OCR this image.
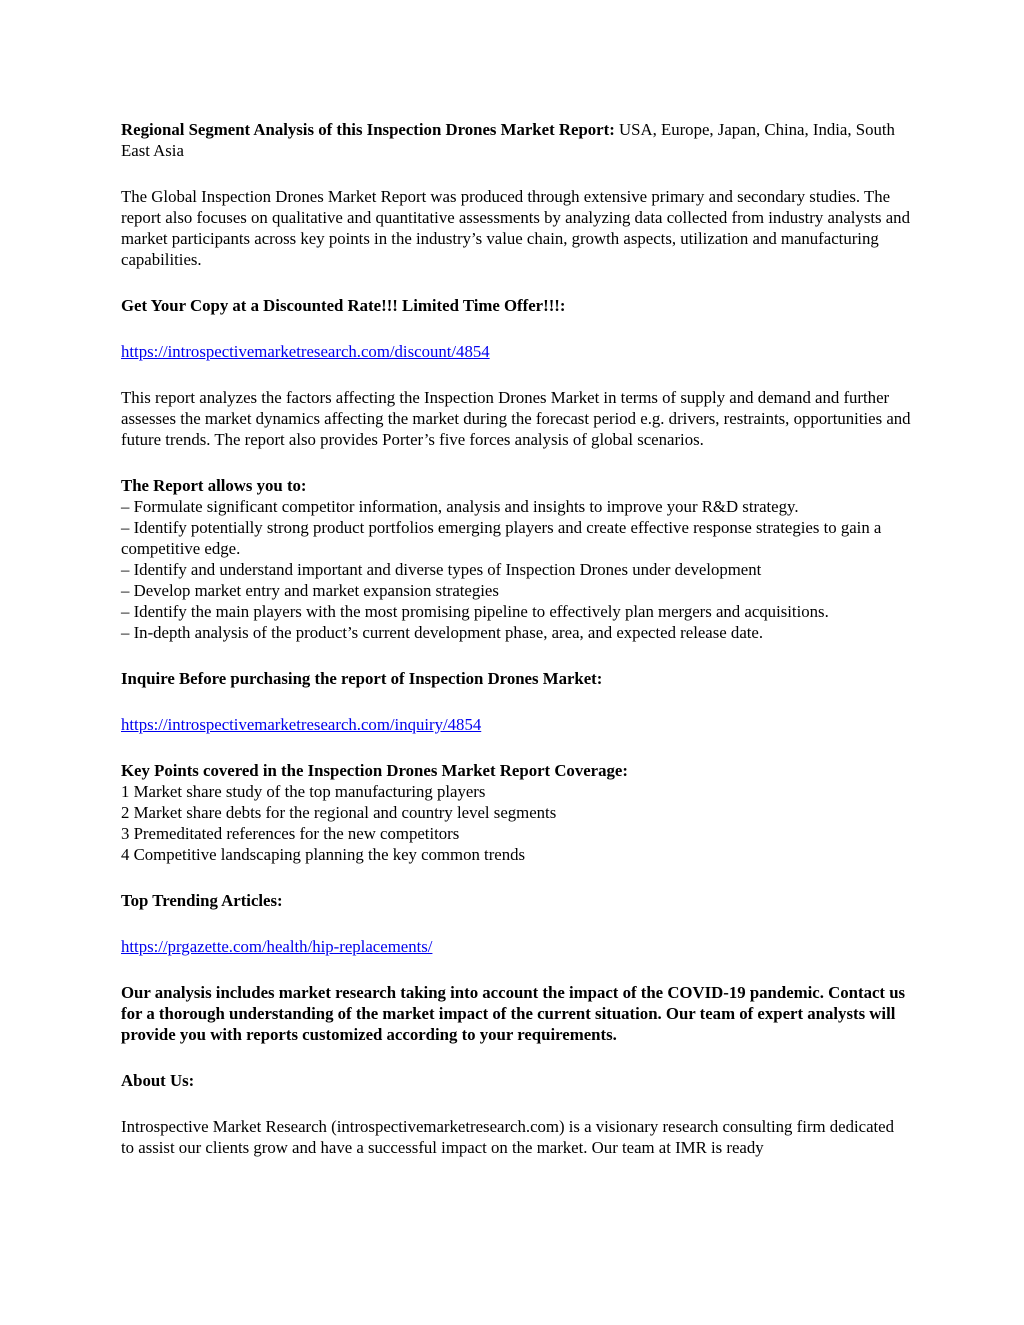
Regional Segment Analysis of this Inspection Drones Market Report: USA, Europe, Japan, China, India, South East Asia

The Global Inspection Drones Market Report was produced through extensive primary and secondary studies. The report also focuses on qualitative and quantitative assessments by analyzing data collected from industry analysts and market participants across key points in the industry’s value chain, growth aspects, utilization and manufacturing capabilities.

Get Your Copy at a Discounted Rate!!! Limited Time Offer!!!:

https://introspectivemarketresearch.com/discount/4854

This report analyzes the factors affecting the Inspection Drones Market in terms of supply and demand and further assesses the market dynamics affecting the market during the forecast period e.g. drivers, restraints, opportunities and future trends. The report also provides Porter’s five forces analysis of global scenarios.

The Report allows you to:
– Formulate significant competitor information, analysis and insights to improve your R&D strategy.
– Identify potentially strong product portfolios emerging players and create effective response strategies to gain a competitive edge.
– Identify and understand important and diverse types of Inspection Drones under development
– Develop market entry and market expansion strategies
– Identify the main players with the most promising pipeline to effectively plan mergers and acquisitions.
– In-depth analysis of the product’s current development phase, area, and expected release date.

Inquire Before purchasing the report of Inspection Drones Market:

https://introspectivemarketresearch.com/inquiry/4854

Key Points covered in the Inspection Drones Market Report Coverage:
1 Market share study of the top manufacturing players
2 Market share debts for the regional and country level segments
3 Premeditated references for the new competitors
4 Competitive landscaping planning the key common trends

Top Trending Articles:

https://prgazette.com/health/hip-replacements/

Our analysis includes market research taking into account the impact of the COVID-19 pandemic. Contact us for a thorough understanding of the market impact of the current situation. Our team of expert analysts will provide you with reports customized according to your requirements.

About Us:

Introspective Market Research (introspectivemarketresearch.com) is a visionary research consulting firm dedicated to assist our clients grow and have a successful impact on the market. Our team at IMR is ready
